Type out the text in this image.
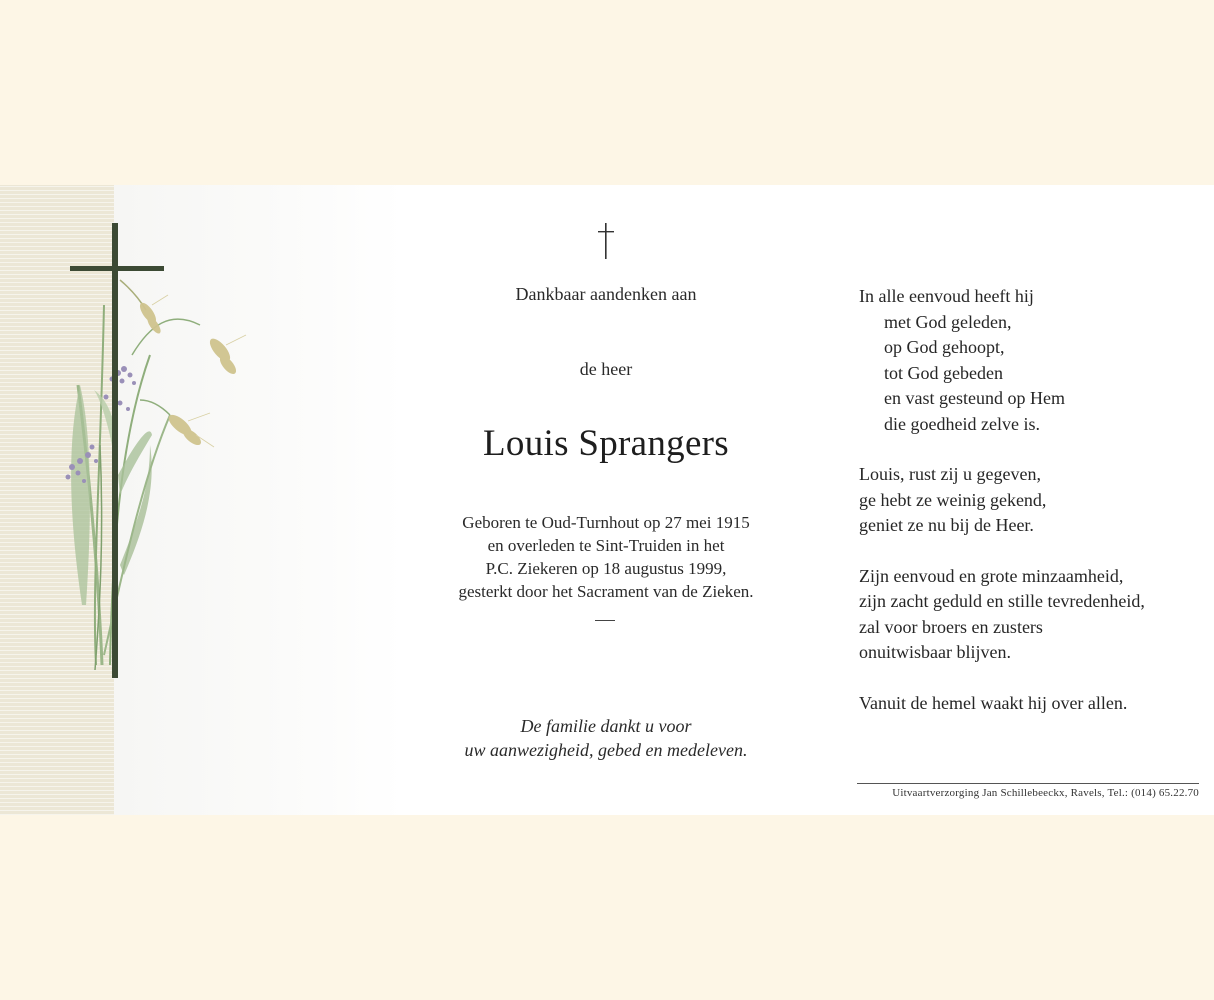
Dankbaar aandenken aan
de heer
Louis Sprangers
Geboren te Oud-Turnhout op 27 mei 1915
en overleden te Sint-Truiden in het
P.C. Ziekeren op 18 augustus 1999,
gesterkt door het Sacrament van de Zieken.
De familie dankt u voor
uw aanwezigheid, gebed en medeleven.
In alle eenvoud heeft hij
met God geleden,
op God gehoopt,
tot God gebeden
en vast gesteund op Hem
die goedheid zelve is.
Louis, rust zij u gegeven,
ge hebt ze weinig gekend,
geniet ze nu bij de Heer.
Zijn eenvoud en grote minzaamheid,
zijn zacht geduld en stille tevredenheid,
zal voor broers en zusters
onuitwisbaar blijven.
Vanuit de hemel waakt hij over allen.
Uitvaartverzorging Jan Schillebeeckx, Ravels, Tel.: (014) 65.22.70
